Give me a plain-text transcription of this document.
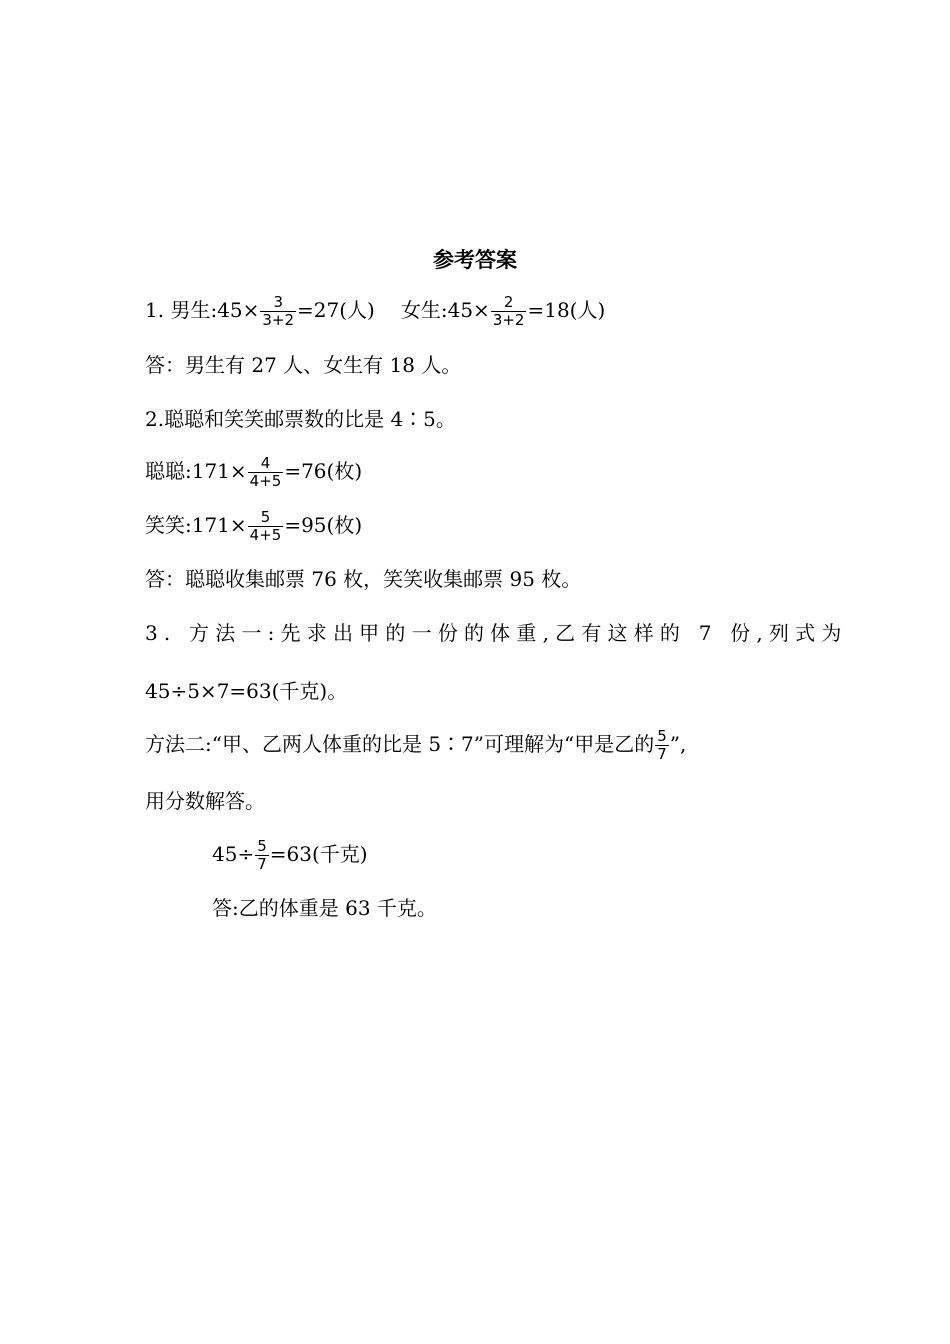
参考答案
1. 男生:45× $\frac{3}{3+2} =27$(人) 女生:45× $\frac{2}{3+2} =18$(人)
答：男生有 27 人、女生有 18 人。
2.聪聪和笑笑邮票数的比是 4∶5。
聪聪:171× $\frac{4}{4+5} =76$(枚)
笑笑:171× $\frac{5}{4+5} =95$(枚)
答：聪聪收集邮票 76 枚，笑笑收集邮票 95 枚。
3. 方法一:先求出甲的一份的体重,乙有这样的 7 份,列式为
45÷5×7=63(千克)。
方法二:“甲、乙两人体重的比是 5∶7”可理解为“甲是乙的 $\frac{5}{7}$ ”,
用分数解答。
$45\div \frac{5}{7} =63$(千克)
答:乙的体重是 63 千克。
